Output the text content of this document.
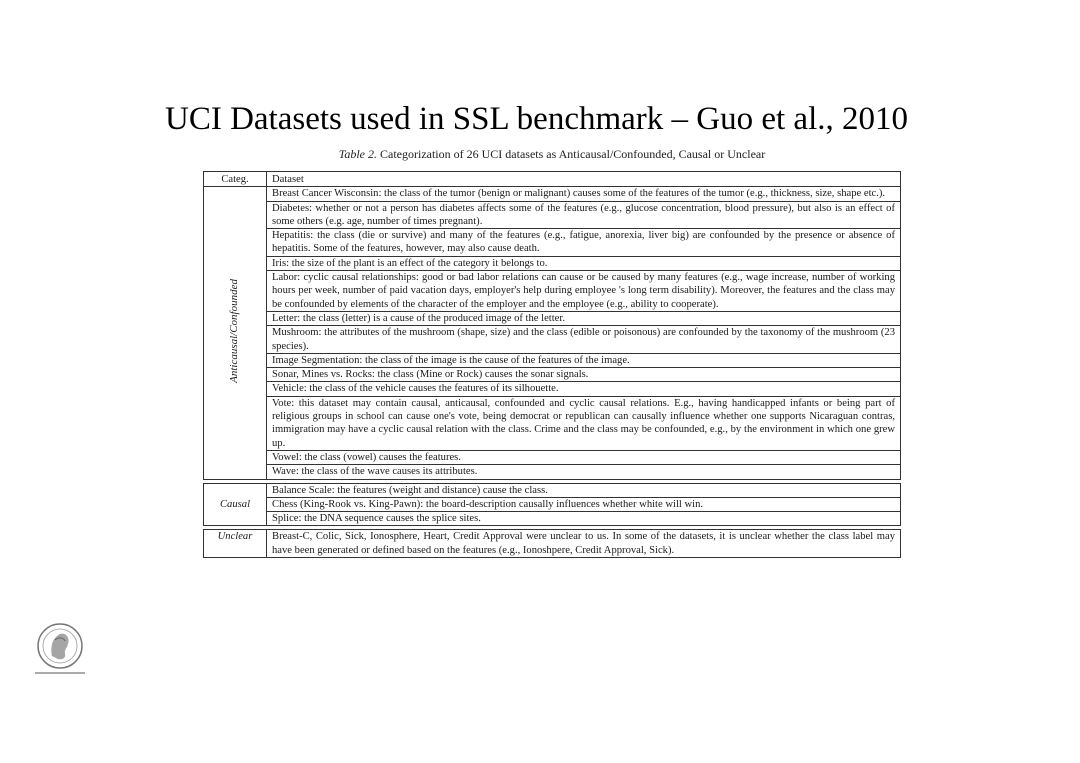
UCI Datasets used in SSL benchmark – Guo et al., 2010
Table 2. Categorization of 26 UCI datasets as Anticausal/Confounded, Causal or Unclear
Categ.	Dataset
Anticausal/Confounded	Breast Cancer Wisconsin: the class of the tumor (benign or malignant) causes some of the features of the tumor (e.g., thickness, size, shape etc.).
	Diabetes: whether or not a person has diabetes affects some of the features (e.g., glucose concentration, blood pressure), but also is an effect of some others (e.g. age, number of times pregnant).
	Hepatitis: the class (die or survive) and many of the features (e.g., fatigue, anorexia, liver big) are confounded by the presence or absence of hepatitis. Some of the features, however, may also cause death.
	Iris: the size of the plant is an effect of the category it belongs to.
	Labor: cyclic causal relationships: good or bad labor relations can cause or be caused by many features (e.g., wage increase, number of working hours per week, number of paid vacation days, employer's help during employee 's long term disability). Moreover, the features and the class may be confounded by elements of the character of the employer and the employee (e.g., ability to cooperate).
	Letter: the class (letter) is a cause of the produced image of the letter.
	Mushroom: the attributes of the mushroom (shape, size) and the class (edible or poisonous) are confounded by the taxonomy of the mushroom (23 species).
	Image Segmentation: the class of the image is the cause of the features of the image.
	Sonar, Mines vs. Rocks: the class (Mine or Rock) causes the sonar signals.
	Vehicle: the class of the vehicle causes the features of its silhouette.
	Vote: this dataset may contain causal, anticausal, confounded and cyclic causal relations. E.g., having handicapped infants or being part of religious groups in school can cause one's vote, being democrat or republican can causally influence whether one supports Nicaraguan contras, immigration may have a cyclic causal relation with the class. Crime and the class may be confounded, e.g., by the environment in which one grew up.
	Vowel: the class (vowel) causes the features.
	Wave: the class of the wave causes its attributes.

Causal	Balance Scale: the features (weight and distance) cause the class.
	Chess (King-Rook vs. King-Pawn): the board-description causally influences whether white will win.
	Splice: the DNA sequence causes the splice sites.

Unclear	Breast-C, Colic, Sick, Ionosphere, Heart, Credit Approval were unclear to us. In some of the datasets, it is unclear whether the class label may have been generated or defined based on the features (e.g., Ionoshpere, Credit Approval, Sick).
